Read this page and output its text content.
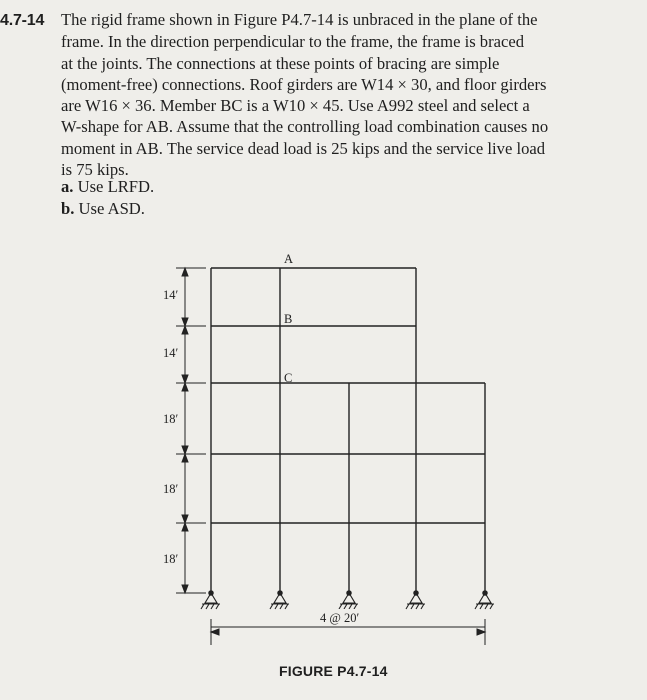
4.7-14 The rigid frame shown in Figure P4.7-14 is unbraced in the plane of the
frame. In the direction perpendicular to the frame, the frame is braced
at the joints. The connections at these points of bracing are simple
(moment-free) connections. Roof girders are W14 × 30, and floor girders
are W16 × 36. Member BC is a W10 × 45. Use A992 steel and select a
W-shape for AB. Assume that the controlling load combination causes no
moment in AB. The service dead load is 25 kips and the service live load
is 75 kips.
a. Use LRFD.
b. Use ASD.
A
B
C
14′
14′
18′
18′
18′
4 @ 20′
FIGURE P4.7-14
